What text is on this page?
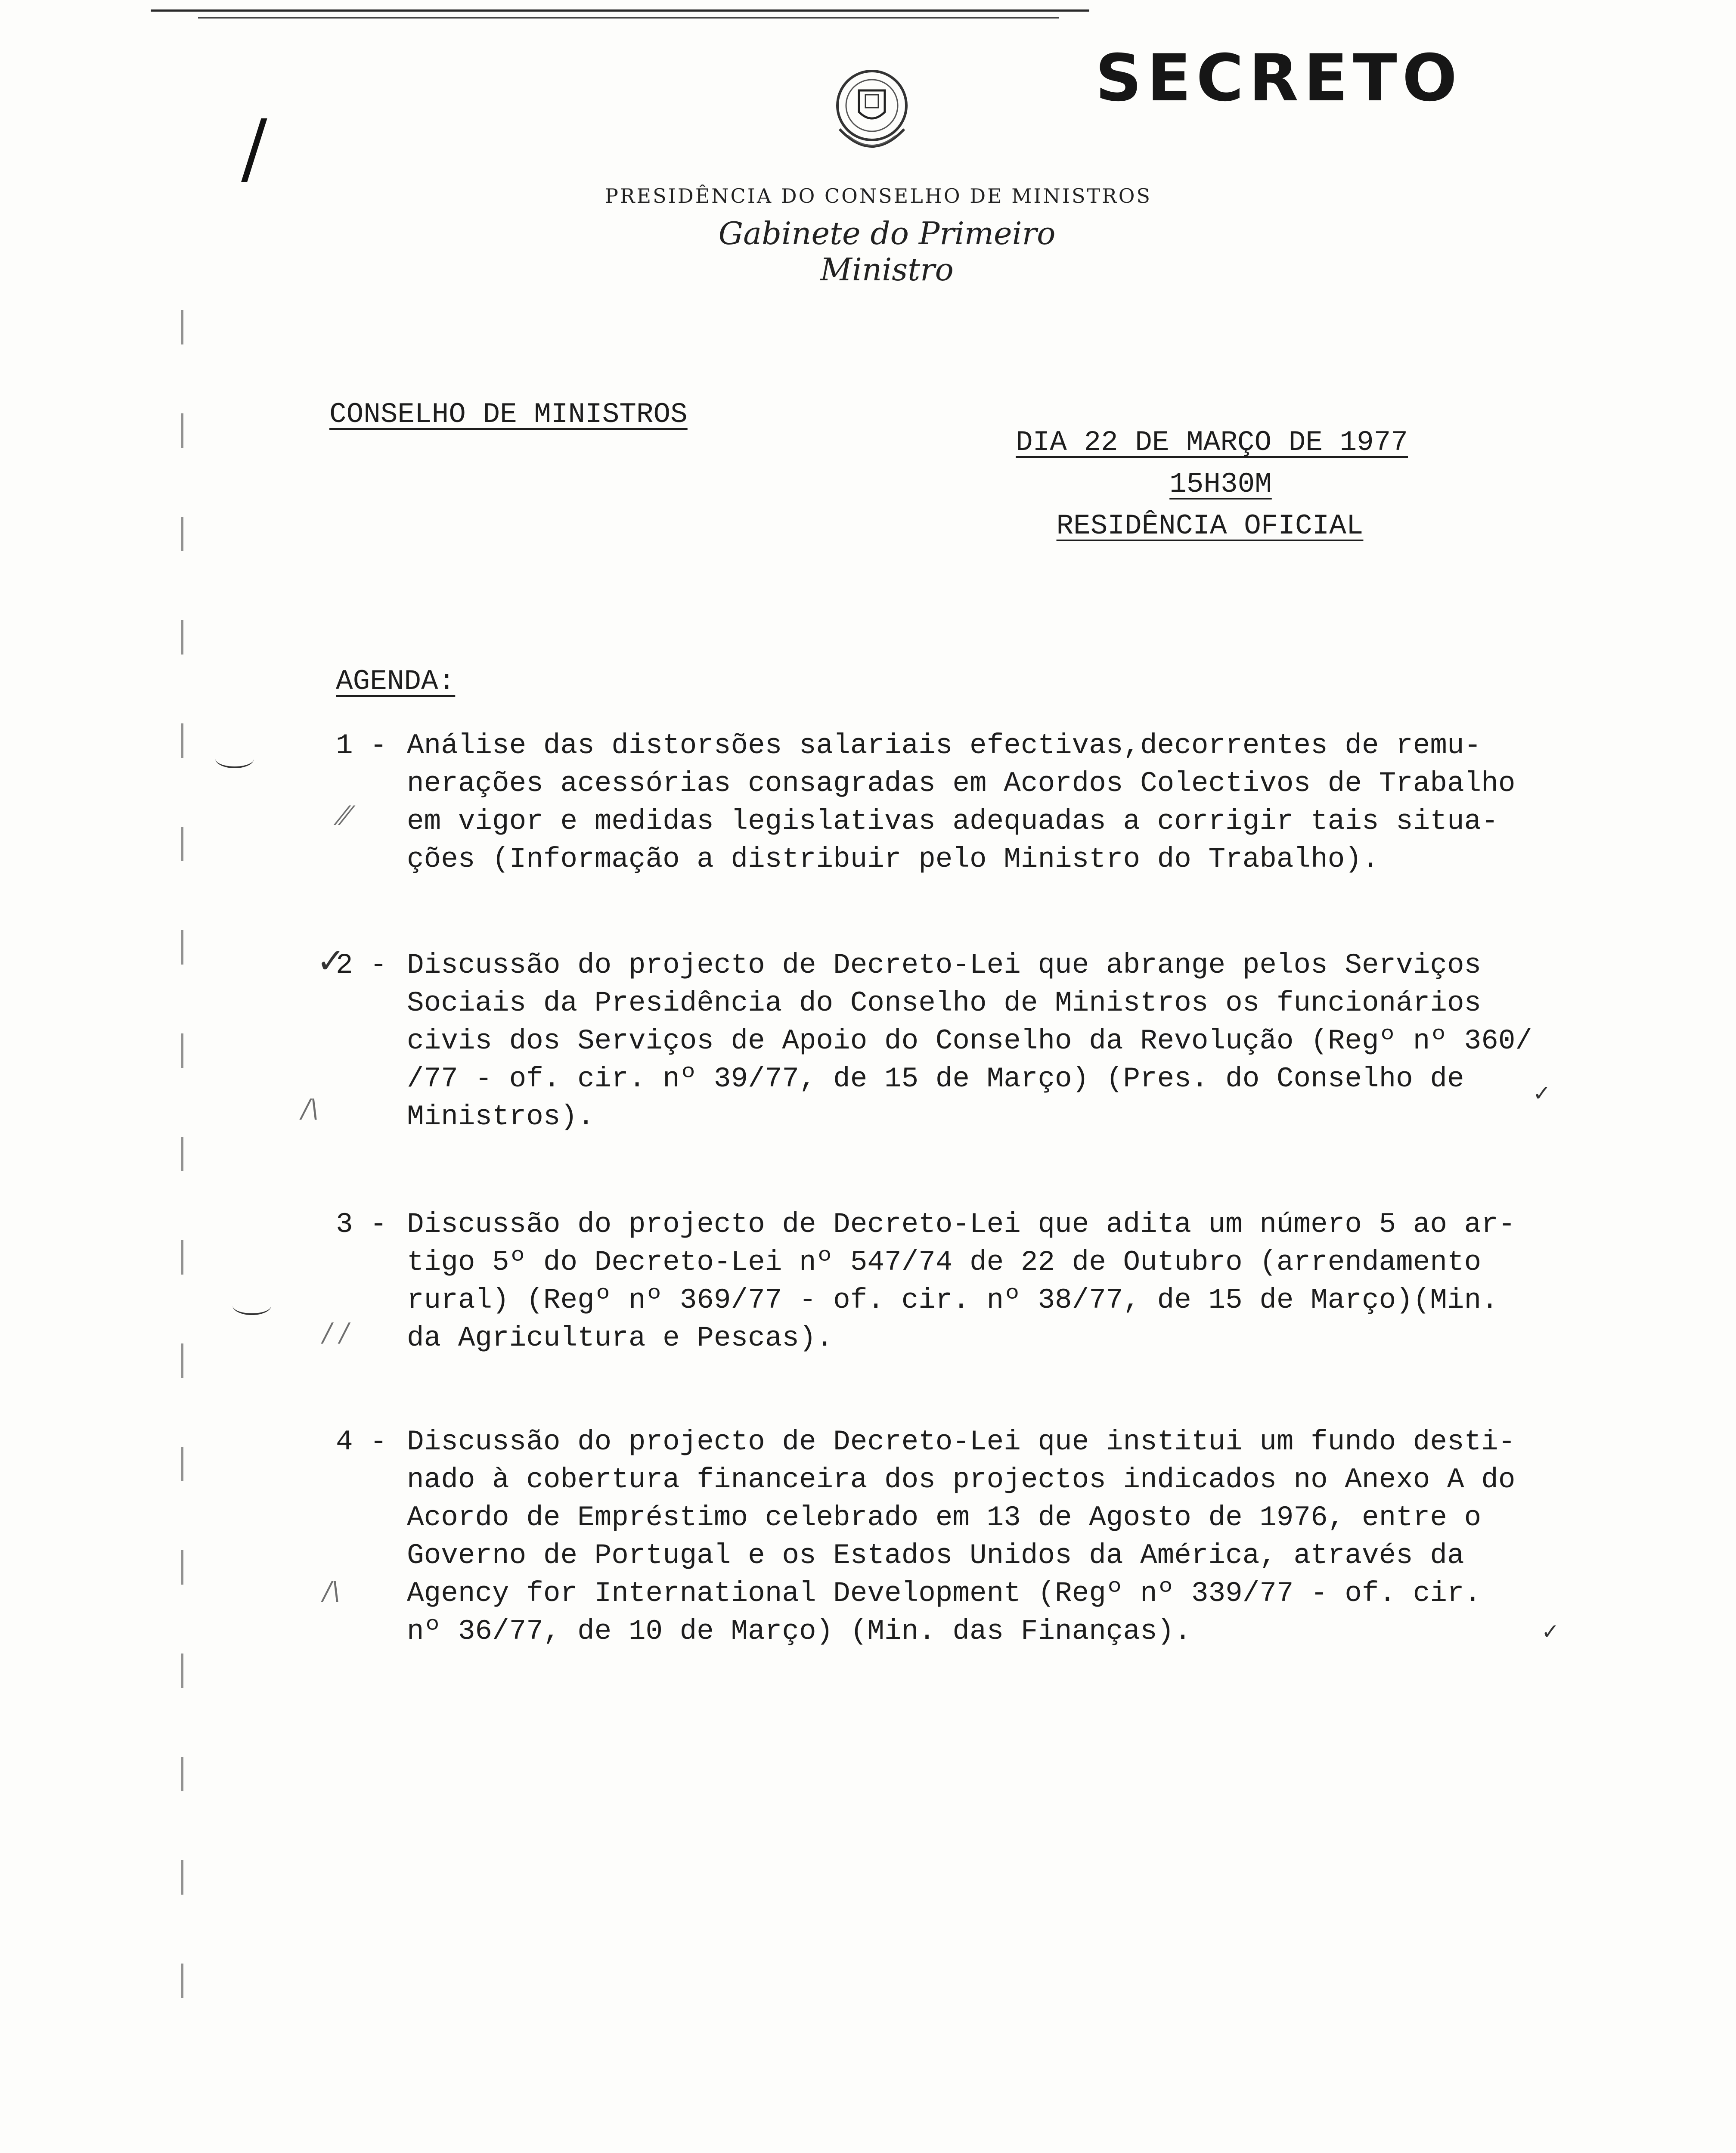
/
SECRETO
PRESIDÊNCIA DO CONSELHO DE MINISTROS
Gabinete do Primeiro Ministro
CONSELHO DE MINISTROS
DIA 22 DE MARÇO DE 1977
15H30M
RESIDÊNCIA OFICIAL
AGENDA:
1 - Análise das distorsões salariais efectivas,decorrentes de remu-
nerações acessórias consagradas em Acordos Colectivos de Trabalho
em vigor e medidas legislativas adequadas a corrigir tais situa-
ções (Informação a distribuir pelo Ministro do Trabalho).
2 - Discussão do projecto de Decreto-Lei que abrange pelos Serviços
Sociais da Presidência do Conselho de Ministros os funcionários
civis dos Serviços de Apoio do Conselho da Revolução (Regº nº 360/
/77 - of. cir. nº 39/77, de 15 de Março) (Pres. do Conselho de
Ministros).
3 - Discussão do projecto de Decreto-Lei que adita um número 5 ao ar-
tigo 5º do Decreto-Lei nº 547/74 de 22 de Outubro (arrendamento
rural) (Regº nº 369/77 - of. cir. nº 38/77, de 15 de Março)(Min.
da Agricultura e Pescas).
4 - Discussão do projecto de Decreto-Lei que institui um fundo desti-
nado à cobertura financeira dos projectos indicados no Anexo A do
Acordo de Empréstimo celebrado em 13 de Agosto de 1976, entre o
Governo de Portugal e os Estados Unidos da América, através da
Agency for International Development (Regº nº 339/77 - of. cir.
nº 36/77, de 10 de Março) (Min. das Finanças).
✓
✓
✓
⁄⁄
/\
/ /
/\
